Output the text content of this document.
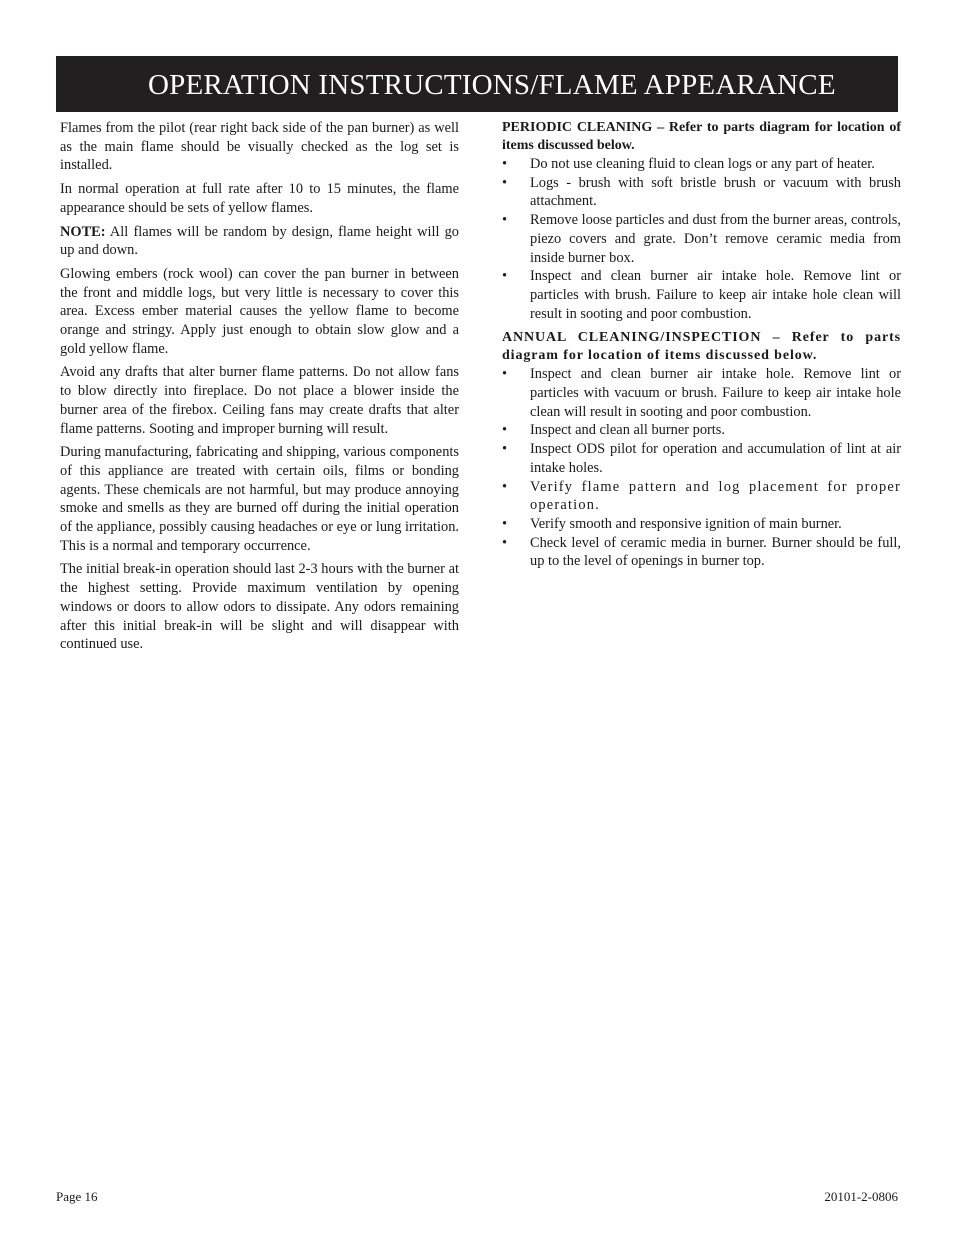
OPERATION INSTRUCTIONS/FLAME APPEARANCE

Flames from the pilot (rear right back side of the pan burner) as well as the main flame should be visually checked as the log set is installed.

In normal operation at full rate after 10 to 15 minutes, the flame appearance should be sets of yellow flames.

NOTE: All flames will be random by design, flame height will go up and down.

Glowing embers (rock wool) can cover the pan burner in between the front and middle logs, but very little is necessary to cover this area. Excess ember material causes the yellow flame to become orange and stringy. Apply just enough to obtain slow glow and a gold yellow flame.

Avoid any drafts that alter burner flame patterns. Do not allow fans to blow directly into fireplace. Do not place a blower inside the burner area of the firebox. Ceiling fans may create drafts that alter flame patterns. Sooting and improper burning will result.

During manufacturing, fabricating and shipping, various components of this appliance are treated with certain oils, films or bonding agents. These chemicals are not harmful, but may produce annoying smoke and smells as they are burned off during the initial operation of the appliance, possibly causing headaches or eye or lung irritation. This is a normal and temporary occurrence.

The initial break-in operation should last 2-3 hours with the burner at the highest setting. Provide maximum ventilation by opening windows or doors to allow odors to dissipate. Any odors remaining after this initial break-in will be slight and will disappear with continued use.

PERIODIC CLEANING – Refer to parts diagram for location of items discussed below.
• Do not use cleaning fluid to clean logs or any part of heater.
• Logs - brush with soft bristle brush or vacuum with brush attachment.
• Remove loose particles and dust from the burner areas, controls, piezo covers and grate. Don’t remove ceramic media from inside burner box.
• Inspect and clean burner air intake hole. Remove lint or particles with brush. Failure to keep air intake hole clean will result in sooting and poor combustion.
ANNUAL CLEANING/INSPECTION – Refer to parts diagram for location of items discussed below.
• Inspect and clean burner air intake hole. Remove lint or particles with vacuum or brush. Failure to keep air intake hole clean will result in sooting and poor combustion.
• Inspect and clean all burner ports.
• Inspect ODS pilot for operation and accumulation of lint at air intake holes.
• Verify flame pattern and log placement for proper operation.
• Verify smooth and responsive ignition of main burner.
• Check level of ceramic media in burner. Burner should be full, up to the level of openings in burner top.
Page 16	20101-2-0806
